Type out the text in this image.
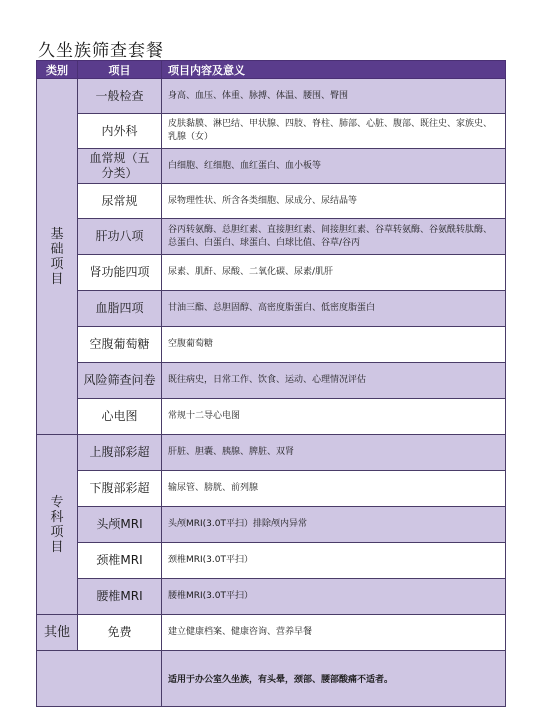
久坐族筛查套餐
类别	项目	项目内容及意义
基础项目	一般检查	身高、血压、体重、脉搏、体温、腰围、臀围
	内外科	皮肤黏膜、淋巴结、甲状腺、四肢、脊柱、肺部、心脏、腹部、既往史、家族史、乳腺（女）

	血常规（五分类）	白细胞、红细胞、血红蛋白、血小板等
	尿常规	尿物理性状、所含各类细胞、尿成分、尿结晶等
	肝功八项	谷丙转氨酶、总胆红素、直接胆红素、间接胆红素、谷草转氨酶、谷氨酰转肽酶、总蛋白、白蛋白、球蛋白、白球比值、谷草/谷丙
	肾功能四项	尿素、肌酐、尿酸、二氧化碳、尿素/肌肝
	血脂四项	甘油三酯、总胆固醇、高密度脂蛋白、低密度脂蛋白
	空腹葡萄糖	空腹葡萄糖
	风险筛查问卷	既往病史，日常工作、饮食、运动、心理情况评估
	心电图	常规十二导心电图
专科项目	上腹部彩超	肝脏、胆囊、胰腺、脾脏、双肾
	下腹部彩超	输尿管、膀胱、前列腺
	头颅MRI	头颅MRI(3.0T平扫）排除颅内异常
	颈椎MRI	颈椎MRI(3.0T平扫）
	腰椎MRI	腰椎MRI(3.0T平扫）
其他	免费	建立健康档案、健康咨询、营养早餐
		适用于办公室久坐族，有头晕，颈部、腰部酸痛不适者。
